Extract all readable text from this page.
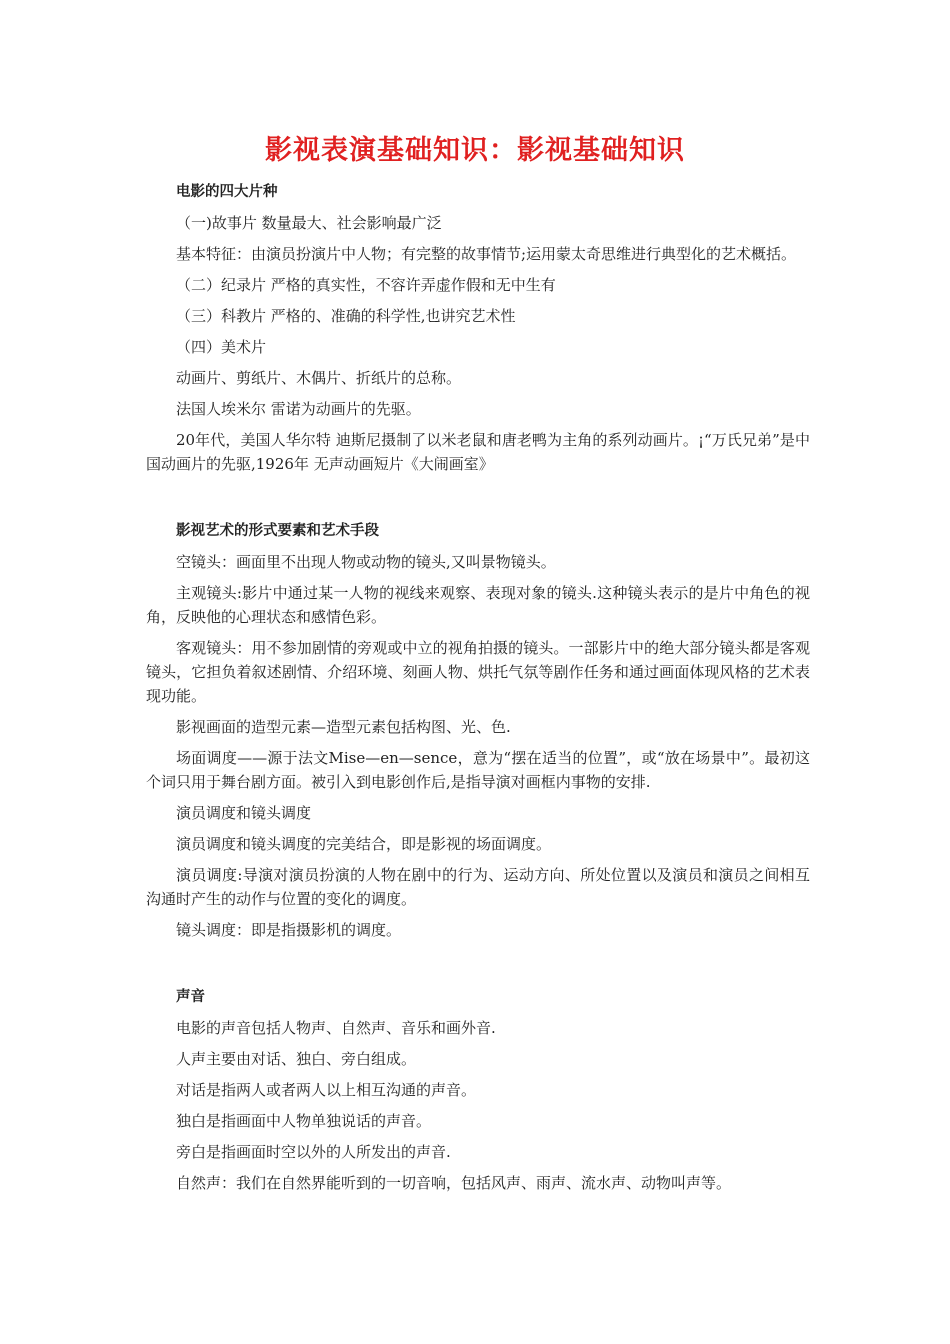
影视表演基础知识：影视基础知识

电影的四大片种

（一)故事片 数量最大、社会影响最广泛

基本特征：由演员扮演片中人物；有完整的故事情节;运用蒙太奇思维进行典型化的艺术概括。

（二）纪录片 严格的真实性，不容许弄虚作假和无中生有

（三）科教片 严格的、准确的科学性,也讲究艺术性

（四）美术片

动画片、剪纸片、木偶片、折纸片的总称。

法国人埃米尔 雷诺为动画片的先驱。

20年代，美国人华尔特 迪斯尼摄制了以米老鼠和唐老鸭为主角的系列动画片。¡“万氏兄弟”是中国动画片的先驱,1926年 无声动画短片《大闹画室》

影视艺术的形式要素和艺术手段

空镜头：画面里不出现人物或动物的镜头,又叫景物镜头。

主观镜头:影片中通过某一人物的视线来观察、表现对象的镜头.这种镜头表示的是片中角色的视角，反映他的心理状态和感情色彩。

客观镜头：用不参加剧情的旁观或中立的视角拍摄的镜头。一部影片中的绝大部分镜头都是客观镜头，它担负着叙述剧情、介绍环境、刻画人物、烘托气氛等剧作任务和通过画面体现风格的艺术表现功能。

影视画面的造型元素—造型元素包括构图、光、色.

场面调度——源于法文Mise—en—sence，意为“摆在适当的位置”，或“放在场景中”。最初这个词只用于舞台剧方面。被引入到电影创作后,是指导演对画框内事物的安排.

演员调度和镜头调度

演员调度和镜头调度的完美结合，即是影视的场面调度。

演员调度:导演对演员扮演的人物在剧中的行为、运动方向、所处位置以及演员和演员之间相互沟通时产生的动作与位置的变化的调度。

镜头调度：即是指摄影机的调度。

声音

电影的声音包括人物声、自然声、音乐和画外音.

人声主要由对话、独白、旁白组成。

对话是指两人或者两人以上相互沟通的声音。

独白是指画面中人物单独说话的声音。

旁白是指画面时空以外的人所发出的声音.

自然声：我们在自然界能听到的一切音响，包括风声、雨声、流水声、动物叫声等。
